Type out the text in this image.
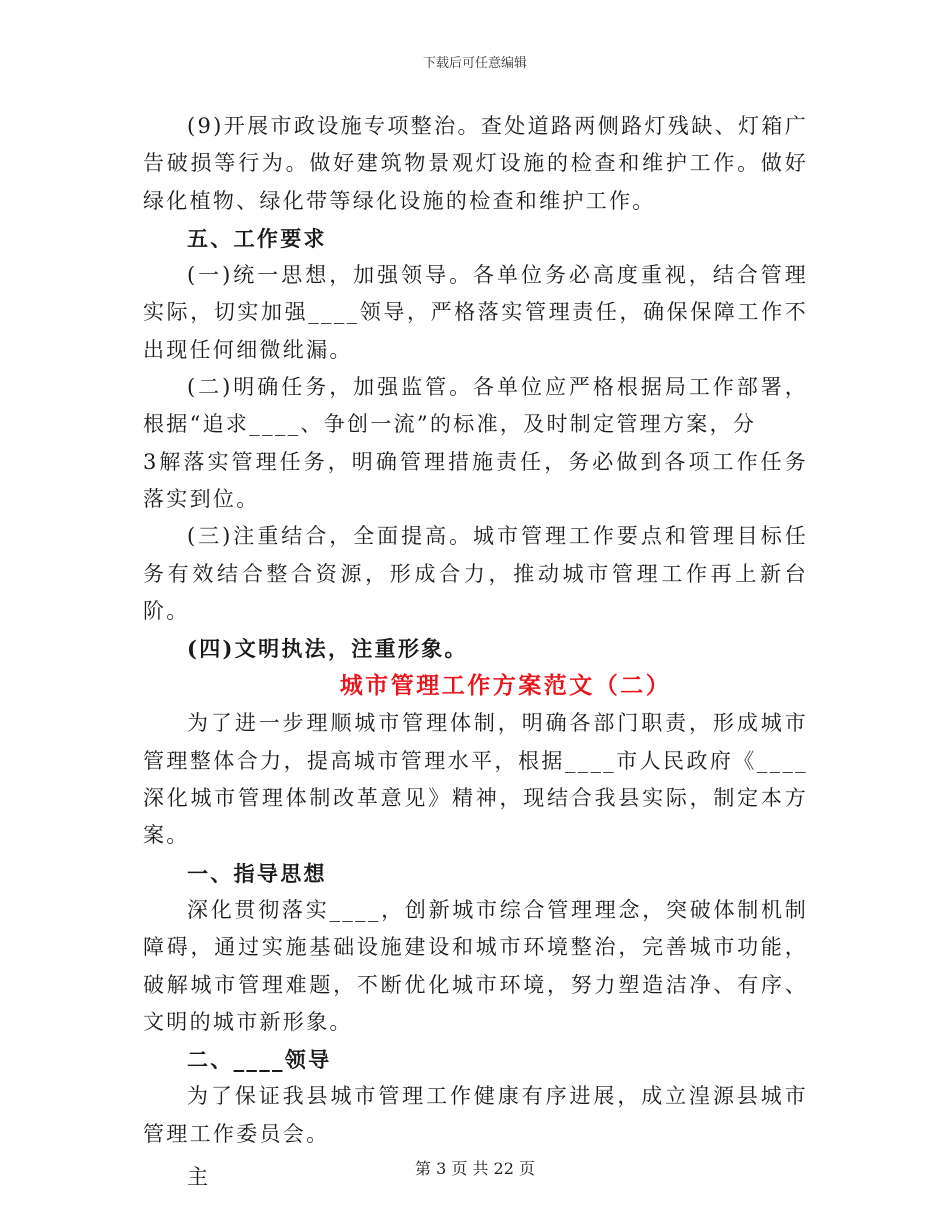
下载后可任意编辑

(9)开展市政设施专项整治。查处道路两侧路灯残缺、灯箱广告破损等行为。做好建筑物景观灯设施的检查和维护工作。做好绿化植物、绿化带等绿化设施的检查和维护工作。

五、工作要求

(一)统一思想，加强领导。各单位务必高度重视，结合管理实际，切实加强____领导，严格落实管理责任，确保保障工作不出现任何细微纰漏。

(二)明确任务，加强监管。各单位应严格根据局工作部署，根据“追求____、争创一流”的标准，及时制定管理方案，分

3解落实管理任务，明确管理措施责任，务必做到各项工作任务落实到位。

(三)注重结合，全面提高。城市管理工作要点和管理目标任务有效结合整合资源，形成合力，推动城市管理工作再上新台阶。

(四)文明执法，注重形象。

城市管理工作方案范文（二）

为了进一步理顺城市管理体制，明确各部门职责，形成城市管理整体合力，提高城市管理水平，根据____市人民政府《____深化城市管理体制改革意见》精神，现结合我县实际，制定本方案。

一、指导思想

深化贯彻落实____，创新城市综合管理理念，突破体制机制障碍，通过实施基础设施建设和城市环境整治，完善城市功能，破解城市管理难题，不断优化城市环境，努力塑造洁净、有序、文明的城市新形象。

二、____领导

为了保证我县城市管理工作健康有序进展，成立湟源县城市管理工作委员会。

主	第 3 页 共 22 页
